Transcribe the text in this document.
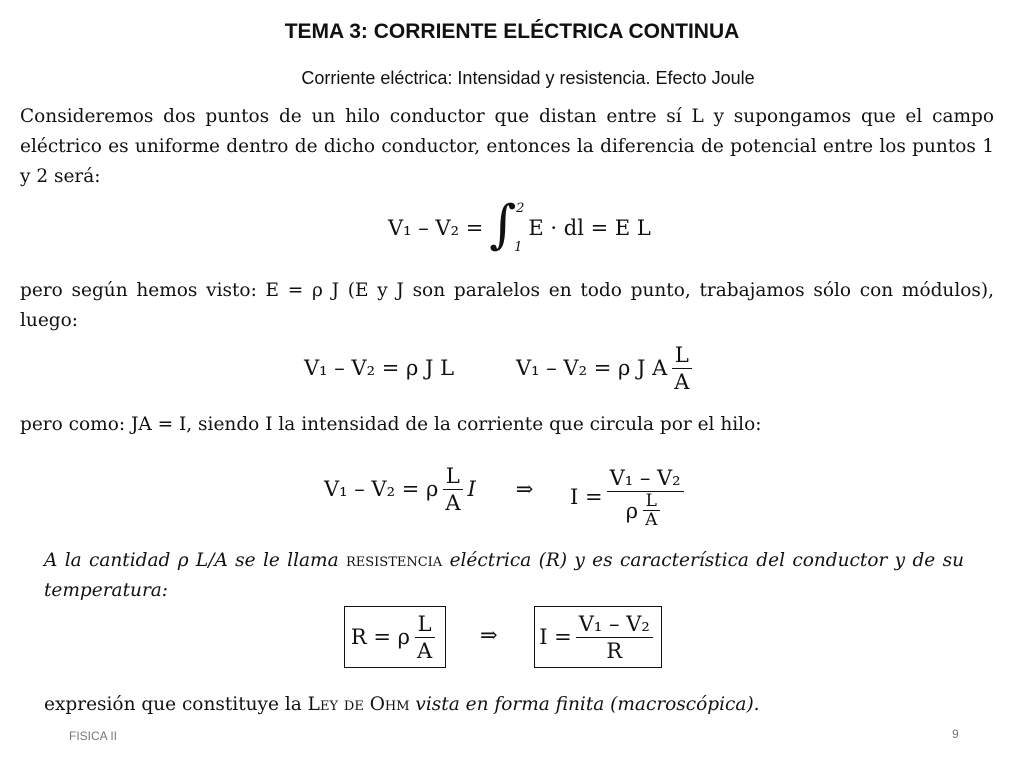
TEMA 3: CORRIENTE ELÉCTRICA CONTINUA
Corriente eléctrica: Intensidad y resistencia. Efecto Joule
Consideremos dos puntos de un hilo conductor que distan entre sí L y supongamos que el campo eléctrico es uniforme dentro de dicho conductor, entonces la diferencia de potencial entre los puntos 1 y 2 será:
V₁ – V₂ = ∫ 2
1
E · dl = E L
pero según hemos visto: E = ρ J (E y J son paralelos en todo punto, trabajamos sólo con módulos), luego:
V₁ – V₂ = ρ J L	V₁ – V₂ = ρ J A $\frac{L}{A}$
pero como: JA = I, siendo I la intensidad de la corriente que circula por el hilo:
V₁ – V₂ = ρ $\frac{L}{A}$ I ⇒ $I = \frac{\text{V₁ – V₂}}{\rho \frac{L}{A}}$
A la cantidad ρ L/A se le llama resistencia eléctrica (R) y es característica del conductor y de su temperatura:
R = ρ $\frac{L}{A}$ ⇒ $I = \frac{\text{V₁ – V₂}}{R}$
expresión que constituye la Ley de Ohm vista en forma finita (macroscópica).
FISICA II	9
